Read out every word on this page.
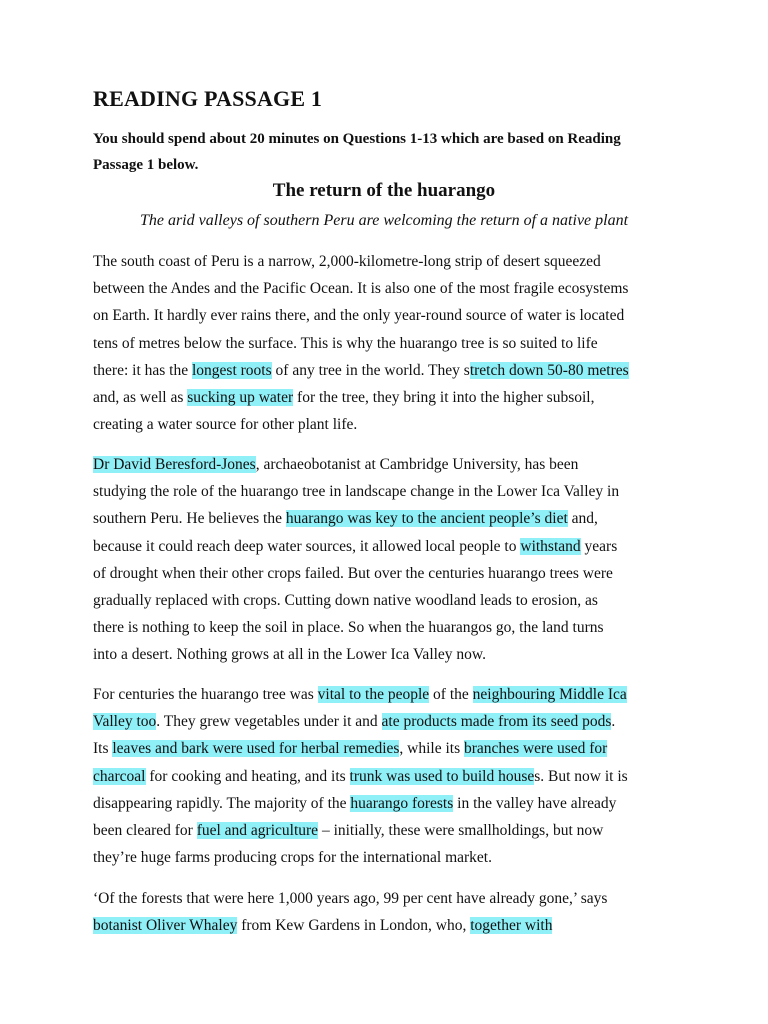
READING PASSAGE 1

You should spend about 20 minutes on Questions 1-13 which are based on Reading
Passage 1 below.

The return of the huarango

The arid valleys of southern Peru are welcoming the return of a native plant

The south coast of Peru is a narrow, 2,000-kilometre-long strip of desert squeezed
between the Andes and the Pacific Ocean. It is also one of the most fragile ecosystems
on Earth. It hardly ever rains there, and the only year-round source of water is located
tens of metres below the surface. This is why the huarango tree is so suited to life
there: it has the longest roots of any tree in the world. They stretch down 50-80 metres
and, as well as sucking up water for the tree, they bring it into the higher subsoil,
creating a water source for other plant life.

Dr David Beresford-Jones, archaeobotanist at Cambridge University, has been
studying the role of the huarango tree in landscape change in the Lower Ica Valley in
southern Peru. He believes the huarango was key to the ancient people’s diet and,
because it could reach deep water sources, it allowed local people to withstand years
of drought when their other crops failed. But over the centuries huarango trees were
gradually replaced with crops. Cutting down native woodland leads to erosion, as
there is nothing to keep the soil in place. So when the huarangos go, the land turns
into a desert. Nothing grows at all in the Lower Ica Valley now.

For centuries the huarango tree was vital to the people of the neighbouring Middle Ica
Valley too. They grew vegetables under it and ate products made from its seed pods.
Its leaves and bark were used for herbal remedies, while its branches were used for
charcoal for cooking and heating, and its trunk was used to build houses. But now it is
disappearing rapidly. The majority of the huarango forests in the valley have already
been cleared for fuel and agriculture – initially, these were smallholdings, but now
they’re huge farms producing crops for the international market.

‘Of the forests that were here 1,000 years ago, 99 per cent have already gone,’ says
botanist Oliver Whaley from Kew Gardens in London, who, together with
